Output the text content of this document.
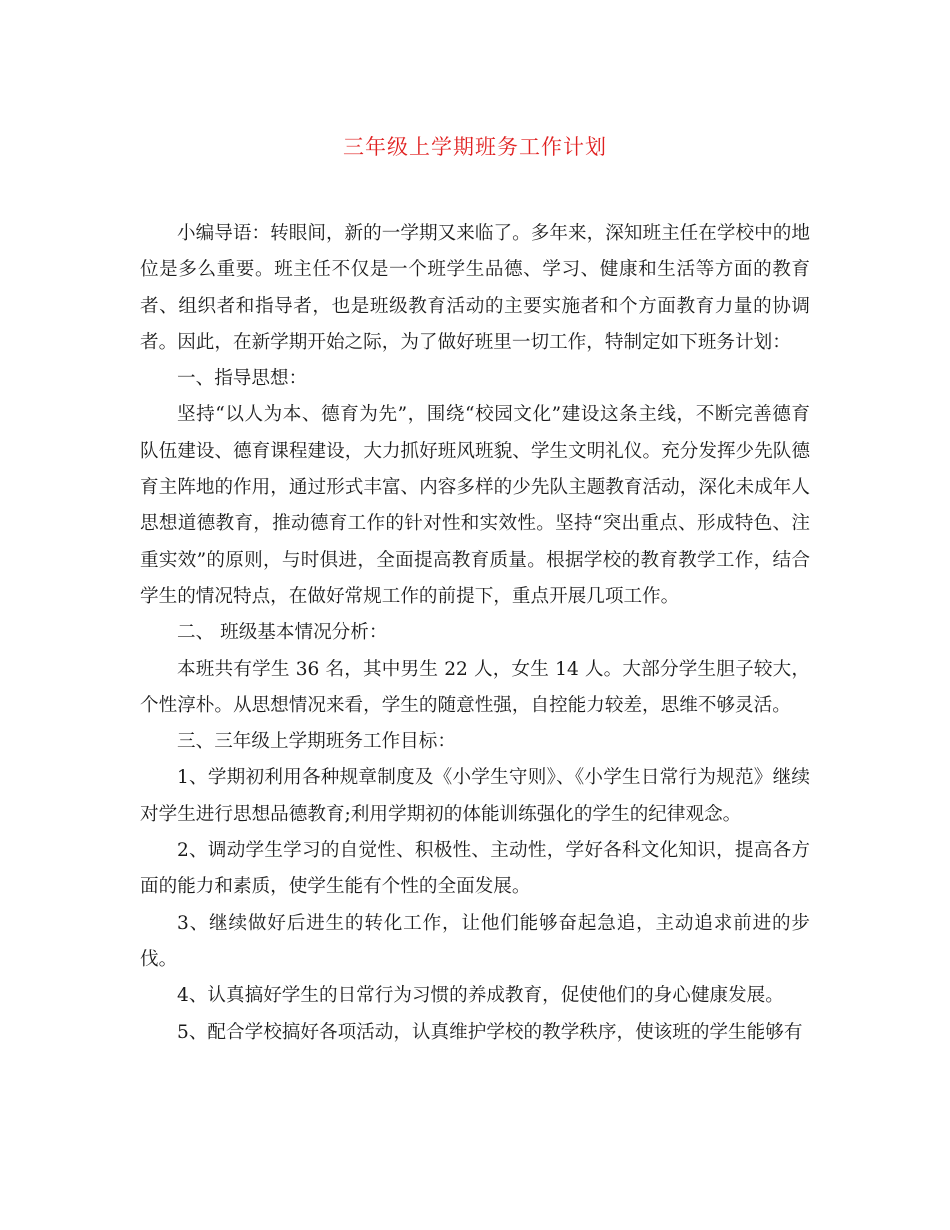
三年级上学期班务工作计划

小编导语：转眼间，新的一学期又来临了。多年来，深知班主任在学校中的地位是多么重要。班主任不仅是一个班学生品德、学习、健康和生活等方面的教育者、组织者和指导者，也是班级教育活动的主要实施者和个方面教育力量的协调者。因此，在新学期开始之际，为了做好班里一切工作，特制定如下班务计划：

一、指导思想：

坚持“以人为本、德育为先”，围绕“校园文化”建设这条主线，不断完善德育队伍建设、德育课程建设，大力抓好班风班貌、学生文明礼仪。充分发挥少先队德育主阵地的作用，通过形式丰富、内容多样的少先队主题教育活动，深化未成年人思想道德教育，推动德育工作的针对性和实效性。坚持“突出重点、形成特色、注重实效”的原则，与时俱进，全面提高教育质量。根据学校的教育教学工作，结合 学生的情况特点，在做好常规工作的前提下，重点开展几项工作。

二、 班级基本情况分析：

本班共有学生 36 名，其中男生 22 人，女生 14 人。大部分学生胆子较大，个性淳朴。从思想情况来看，学生的随意性强，自控能力较差，思维不够灵活。

三、三年级上学期班务工作目标：

1、学期初利用各种规章制度及《小学生守则》、《小学生日常行为规范》继续对学生进行思想品德教育;利用学期初的体能训练强化的学生的纪律观念。

2、调动学生学习的自觉性、积极性、主动性，学好各科文化知识，提高各方面的能力和素质，使学生能有个性的全面发展。

3、继续做好后进生的转化工作，让他们能够奋起急追，主动追求前进的步伐。

4、认真搞好学生的日常行为习惯的养成教育，促使他们的身心健康发展。

5、配合学校搞好各项活动，认真维护学校的教学秩序，使该班的学生能够有
